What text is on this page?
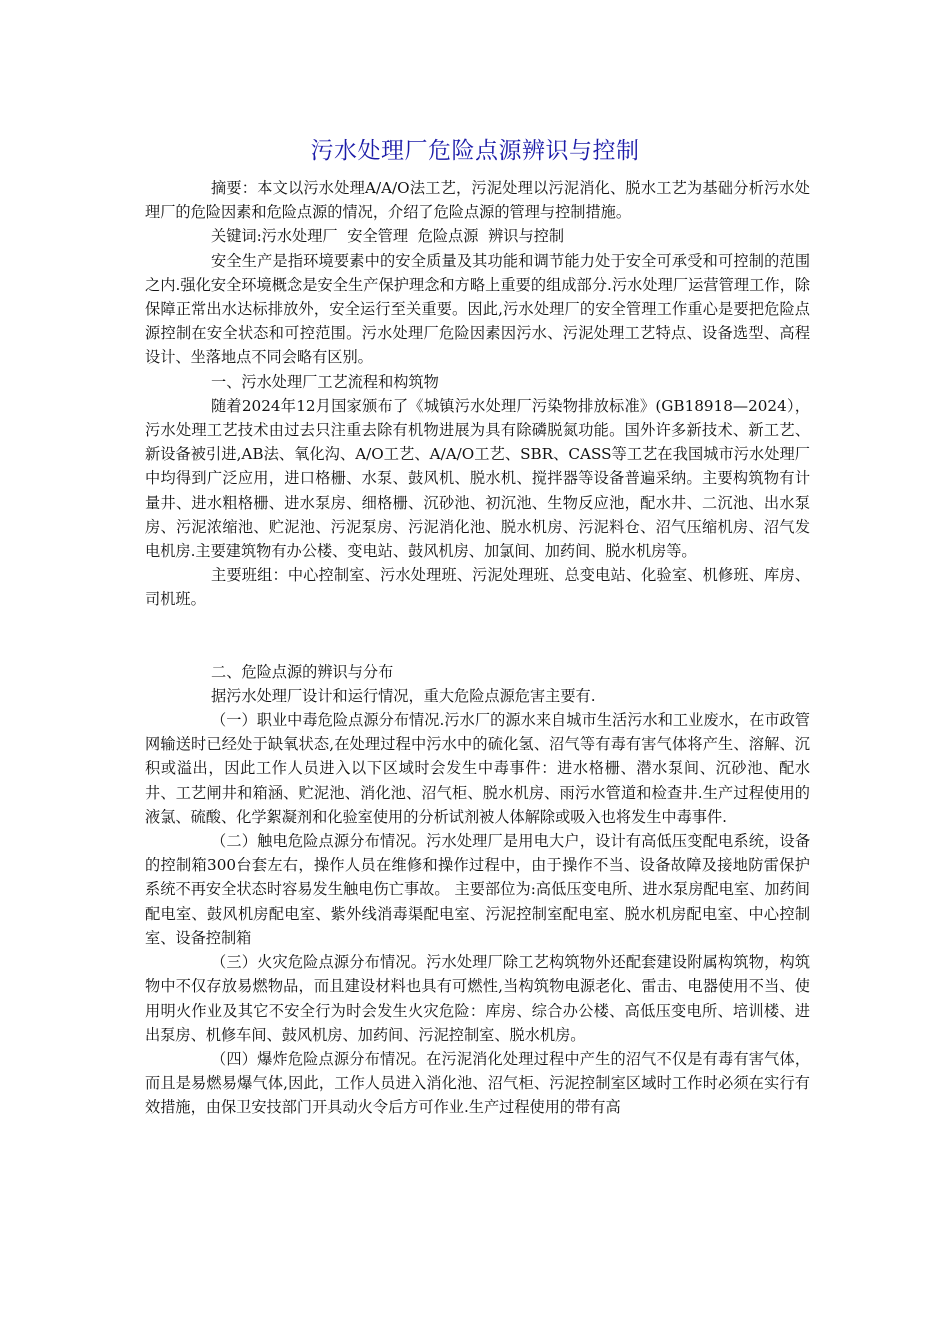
污水处理厂危险点源辨识与控制

摘要：本文以污水处理A/A/O法工艺，污泥处理以污泥消化、脱水工艺为基础分析污水处理厂的危险因素和危险点源的情况，介绍了危险点源的管理与控制措施。

关键词:污水处理厂  安全管理  危险点源  辨识与控制

安全生产是指环境要素中的安全质量及其功能和调节能力处于安全可承受和可控制的范围之内.强化安全环境概念是安全生产保护理念和方略上重要的组成部分.污水处理厂运营管理工作，除保障正常出水达标排放外，安全运行至关重要。因此,污水处理厂的安全管理工作重心是要把危险点源控制在安全状态和可控范围。污水处理厂危险因素因污水、污泥处理工艺特点、设备选型、高程设计、坐落地点不同会略有区别。

一、污水处理厂工艺流程和构筑物

随着2024年12月国家颁布了《城镇污水处理厂污染物排放标准》(GB18918—2024），污水处理工艺技术由过去只注重去除有机物进展为具有除磷脱氮功能。国外许多新技术、新工艺、新设备被引进,AB法、氧化沟、A/O工艺、A/A/O工艺、SBR、CASS等工艺在我国城市污水处理厂中均得到广泛应用，进口格栅、水泵、鼓风机、脱水机、搅拌器等设备普遍采纳。主要构筑物有计量井、进水粗格栅、进水泵房、细格栅、沉砂池、初沉池、生物反应池，配水井、二沉池、出水泵房、污泥浓缩池、贮泥池、污泥泵房、污泥消化池、脱水机房、污泥料仓、沼气压缩机房、沼气发电机房.主要建筑物有办公楼、变电站、鼓风机房、加氯间、加药间、脱水机房等。

主要班组：中心控制室、污水处理班、污泥处理班、总变电站、化验室、机修班、库房、司机班。

二、危险点源的辨识与分布

据污水处理厂设计和运行情况，重大危险点源危害主要有.

（一）职业中毒危险点源分布情况.污水厂的源水来自城市生活污水和工业废水，在市政管网输送时已经处于缺氧状态,在处理过程中污水中的硫化氢、沼气等有毒有害气体将产生、溶解、沉积或溢出，因此工作人员进入以下区域时会发生中毒事件：进水格栅、潜水泵间、沉砂池、配水井、工艺闸井和箱涵、贮泥池、消化池、沼气柜、脱水机房、雨污水管道和检查井.生产过程使用的液氯、硫酸、化学絮凝剂和化验室使用的分析试剂被人体解除或吸入也将发生中毒事件.

（二）触电危险点源分布情况。污水处理厂是用电大户，设计有高低压变配电系统，设备的控制箱300台套左右，操作人员在维修和操作过程中，由于操作不当、设备故障及接地防雷保护系统不再安全状态时容易发生触电伤亡事故。 主要部位为:高低压变电所、进水泵房配电室、加药间配电室、鼓风机房配电室、紫外线消毒渠配电室、污泥控制室配电室、脱水机房配电室、中心控制室、设备控制箱

（三）火灾危险点源分布情况。污水处理厂除工艺构筑物外还配套建设附属构筑物，构筑物中不仅存放易燃物品，而且建设材料也具有可燃性,当构筑物电源老化、雷击、电器使用不当、使用明火作业及其它不安全行为时会发生火灾危险：库房、综合办公楼、高低压变电所、培训楼、进出泵房、机修车间、鼓风机房、加药间、污泥控制室、脱水机房。

（四）爆炸危险点源分布情况。在污泥消化处理过程中产生的沼气不仅是有毒有害气体，而且是易燃易爆气体,因此，工作人员进入消化池、沼气柜、污泥控制室区域时工作时必须在实行有效措施，由保卫安技部门开具动火令后方可作业.生产过程使用的带有高
